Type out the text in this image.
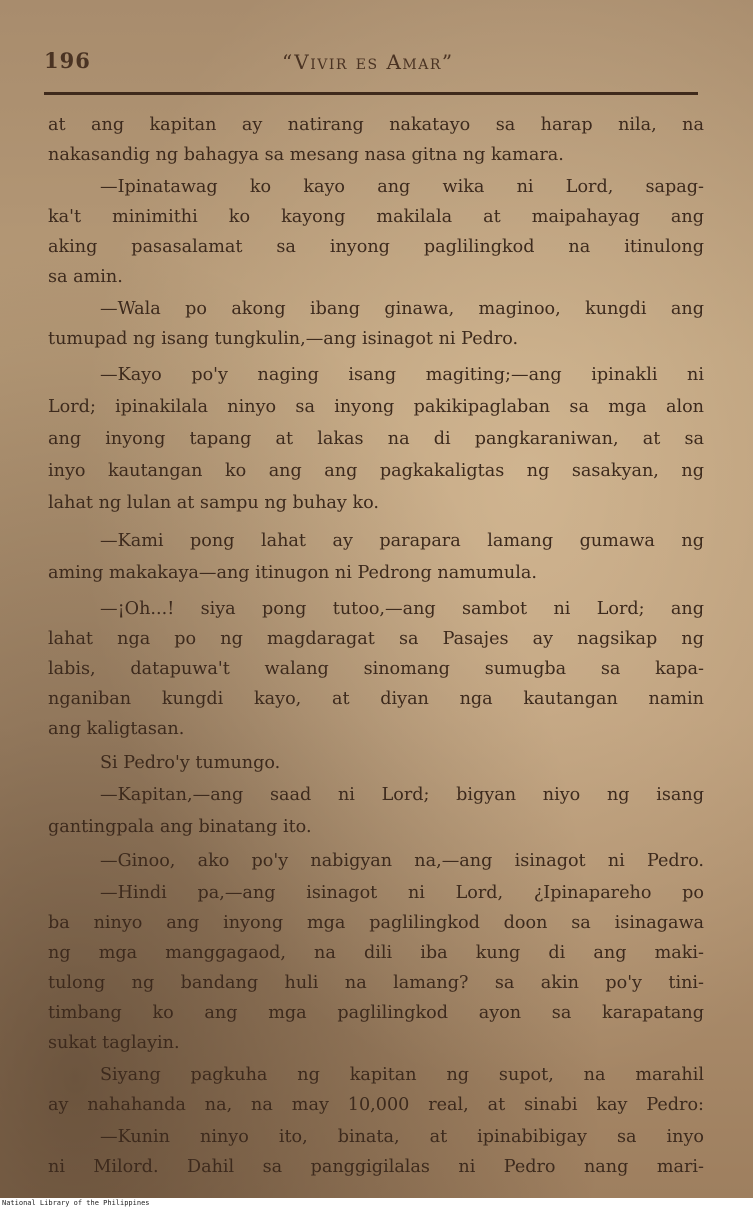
196	“Vivir es Amar”
at ang kapitan ay natirang nakatayo sa harap nila, na
nakasandig ng bahagya sa mesang nasa gitna ng kamara.
—Ipinatawag ko kayo ang wika ni Lord, sapag-
ka't minimithi ko kayong makilala at maipahayag ang
aking pasasalamat sa inyong paglilingkod na itinulong
sa amin.
—Wala po akong ibang ginawa, maginoo, kungdi ang
tumupad ng isang tungkulin,—ang isinagot ni Pedro.
—Kayo po'y naging isang magiting;—ang ipinakli ni
Lord; ipinakilala ninyo sa inyong pakikipaglaban sa mga alon
ang inyong tapang at lakas na di pangkaraniwan, at sa
inyo kautangan ko ang ang pagkakaligtas ng sasakyan, ng
lahat ng lulan at sampu ng buhay ko.
—Kami pong lahat ay parapara lamang gumawa ng
aming makakaya—ang itinugon ni Pedrong namumula.
—¡Oh...! siya pong tutoo,—ang sambot ni Lord; ang
lahat nga po ng magdaragat sa Pasajes ay nagsikap ng
labis, datapuwa't walang sinomang sumugba sa kapa-
nganiban kungdi kayo, at diyan nga kautangan namin
ang kaligtasan.
Si Pedro'y tumungo.
—Kapitan,—ang saad ni Lord; bigyan niyo ng isang
gantingpala ang binatang ito.
—Ginoo, ako po'y nabigyan na,—ang isinagot ni Pedro.
—Hindi pa,—ang isinagot ni Lord, ¿Ipinapareho po
ba ninyo ang inyong mga paglilingkod doon sa isinagawa
ng mga manggagaod, na dili iba kung di ang maki-
tulong ng bandang huli na lamang? sa akin po'y tini-
timbang ko ang mga paglilingkod ayon sa karapatang
sukat taglayin.
Siyang pagkuha ng kapitan ng supot, na marahil
ay nahahanda na, na may 10,000 real, at sinabi kay Pedro:
—Kunin ninyo ito, binata, at ipinabibigay sa inyo
ni Milord. Dahil sa panggigilalas ni Pedro nang mari-
National Library of the Philippines
